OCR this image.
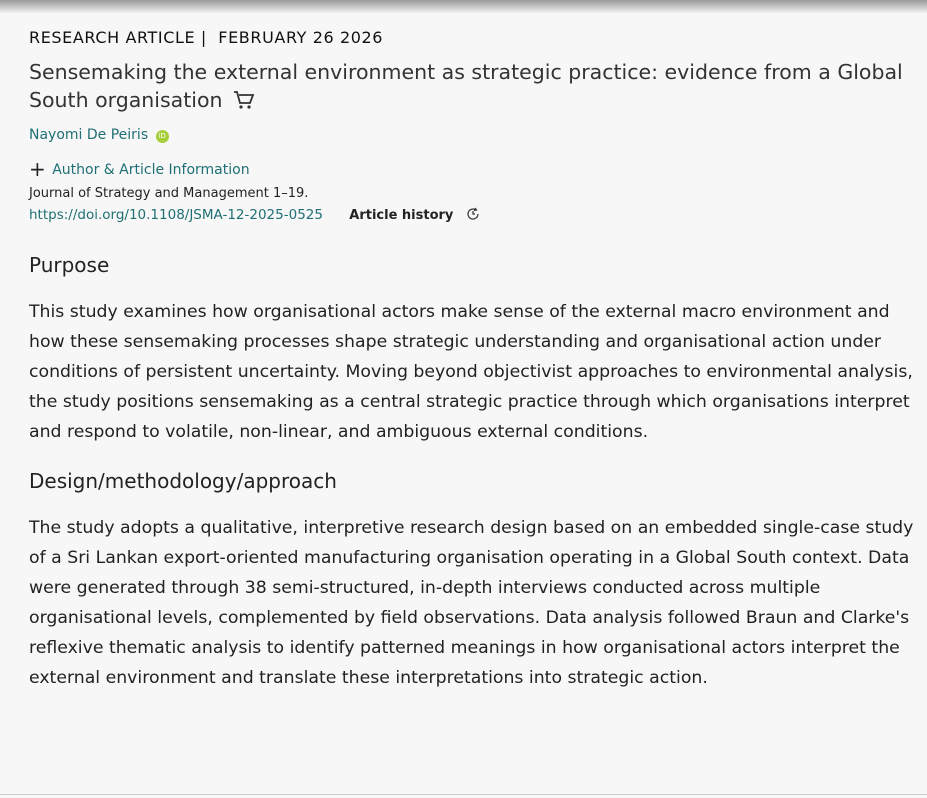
RESEARCH ARTICLE | FEBRUARY 26 2026
Sensemaking the external environment as strategic practice: evidence from a Global South organisation
Nayomi De Peiris iD
+ Author & Article Information
Journal of Strategy and Management 1–19.
https://doi.org/10.1108/JSMA-12-2025-0525 Article history
Purpose
This study examines how organisational actors make sense of the external macro environment and how these sensemaking processes shape strategic understanding and organisational action under conditions of persistent uncertainty. Moving beyond objectivist approaches to environmental analysis, the study positions sensemaking as a central strategic practice through which organisations interpret and respond to volatile, non-linear, and ambiguous external conditions.
Design/methodology/approach
The study adopts a qualitative, interpretive research design based on an embedded single-case study of a Sri Lankan export-oriented manufacturing organisation operating in a Global South context. Data were generated through 38 semi-structured, in-depth interviews conducted across multiple organisational levels, complemented by field observations. Data analysis followed Braun and Clarke's reflexive thematic analysis to identify patterned meanings in how organisational actors interpret the external environment and translate these interpretations into strategic action.
